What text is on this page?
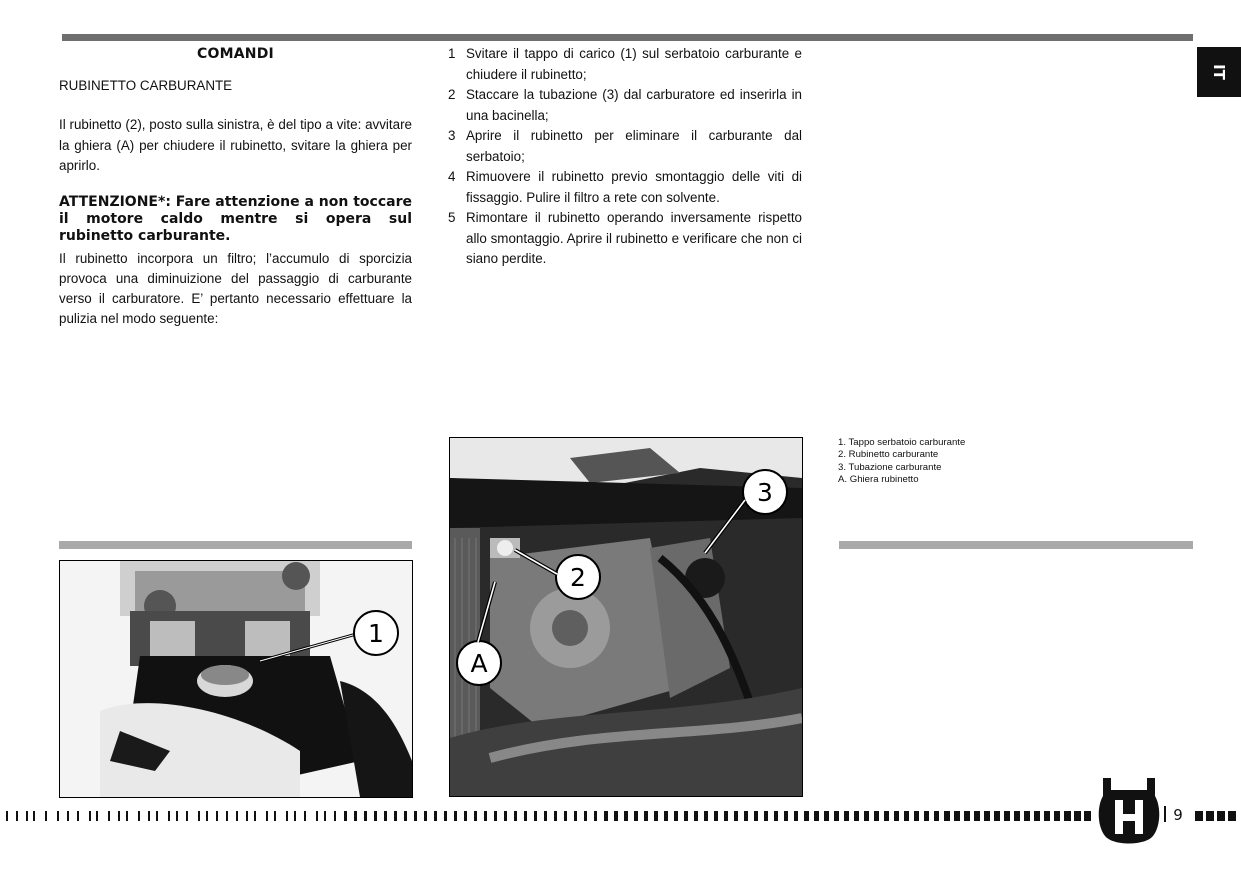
IT
COMANDI
RUBINETTO CARBURANTE
Il rubinetto (2), posto sulla sinistra, è del tipo a vite: avvitare la ghiera (A) per chiudere il rubinetto, svitare la ghiera per aprirlo.
ATTENZIONE*: Fare attenzione a non toccare il motore caldo mentre si opera sul rubinetto carburante.
Il rubinetto incorpora un filtro; l’accumulo di sporcizia provoca una diminuizione del passaggio di carburante verso il carburatore. E’ pertanto necessario effettuare la pulizia nel modo seguente:
1 Svitare il tappo di carico (1) sul serbatoio carburante e chiudere il rubinetto;
2 Staccare la tubazione (3) dal carburatore ed inserirla in una bacinella;
3 Aprire il rubinetto per eliminare il carburante dal serbatoio;
4 Rimuovere il rubinetto previo smontaggio delle viti di fissaggio. Pulire il filtro a rete con solvente.
5 Rimontare il rubinetto operando inversamente rispetto allo smontaggio. Aprire il rubinetto e verificare che non ci siano perdite.
1. Tappo serbatoio carburante
2. Rubinetto carburante
3. Tubazione carburante
A. Ghiera rubinetto
1
3
2
A
9
